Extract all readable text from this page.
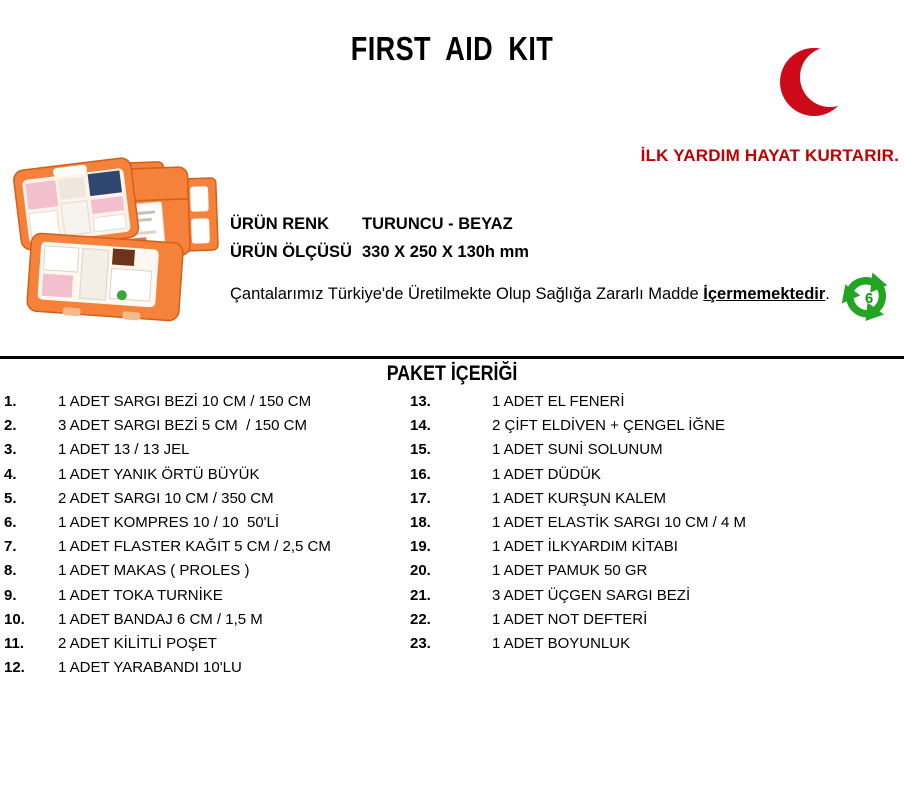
FIRST AID KIT
İLK YARDIM HAYAT KURTARIR.
ÜRÜN RENK	TURUNCU - BEYAZ
ÜRÜN ÖLÇÜSÜ 330 X 250 X 130h mm

Çantalarımız Türkiye'de Üretilmekte Olup Sağlığa Zararlı Madde İçermemektedir.	6
PAKET İÇERİĞİ
1.	1 ADET SARGI BEZİ 10 CM / 150 CM
2.	3 ADET SARGI BEZİ 5 CM  / 150 CM
3.	1 ADET 13 / 13 JEL
4.	1 ADET YANIK ÖRTÜ BÜYÜK
5.	2 ADET SARGI 10 CM / 350 CM
6.	1 ADET KOMPRES 10 / 10  50'Lİ
7.	1 ADET FLASTER KAĞIT 5 CM / 2,5 CM
8.	1 ADET MAKAS ( PROLES )
9.	1 ADET TOKA TURNİKE
10.	1 ADET BANDAJ 6 CM / 1,5 M
11.	2 ADET KİLİTLİ POŞET
12.	1 ADET YARABANDI 10'LU
13.	1 ADET EL FENERİ
14.	2 ÇİFT ELDİVEN + ÇENGEL İĞNE
15.	1 ADET SUNİ SOLUNUM
16.	1 ADET DÜDÜK
17.	1 ADET KURŞUN KALEM
18.	1 ADET ELASTİK SARGI 10 CM / 4 M
19.	1 ADET İLKYARDIM KİTABI
20.	1 ADET PAMUK 50 GR
21.	3 ADET ÜÇGEN SARGI BEZİ
22.	1 ADET NOT DEFTERİ
23.	1 ADET BOYUNLUK
